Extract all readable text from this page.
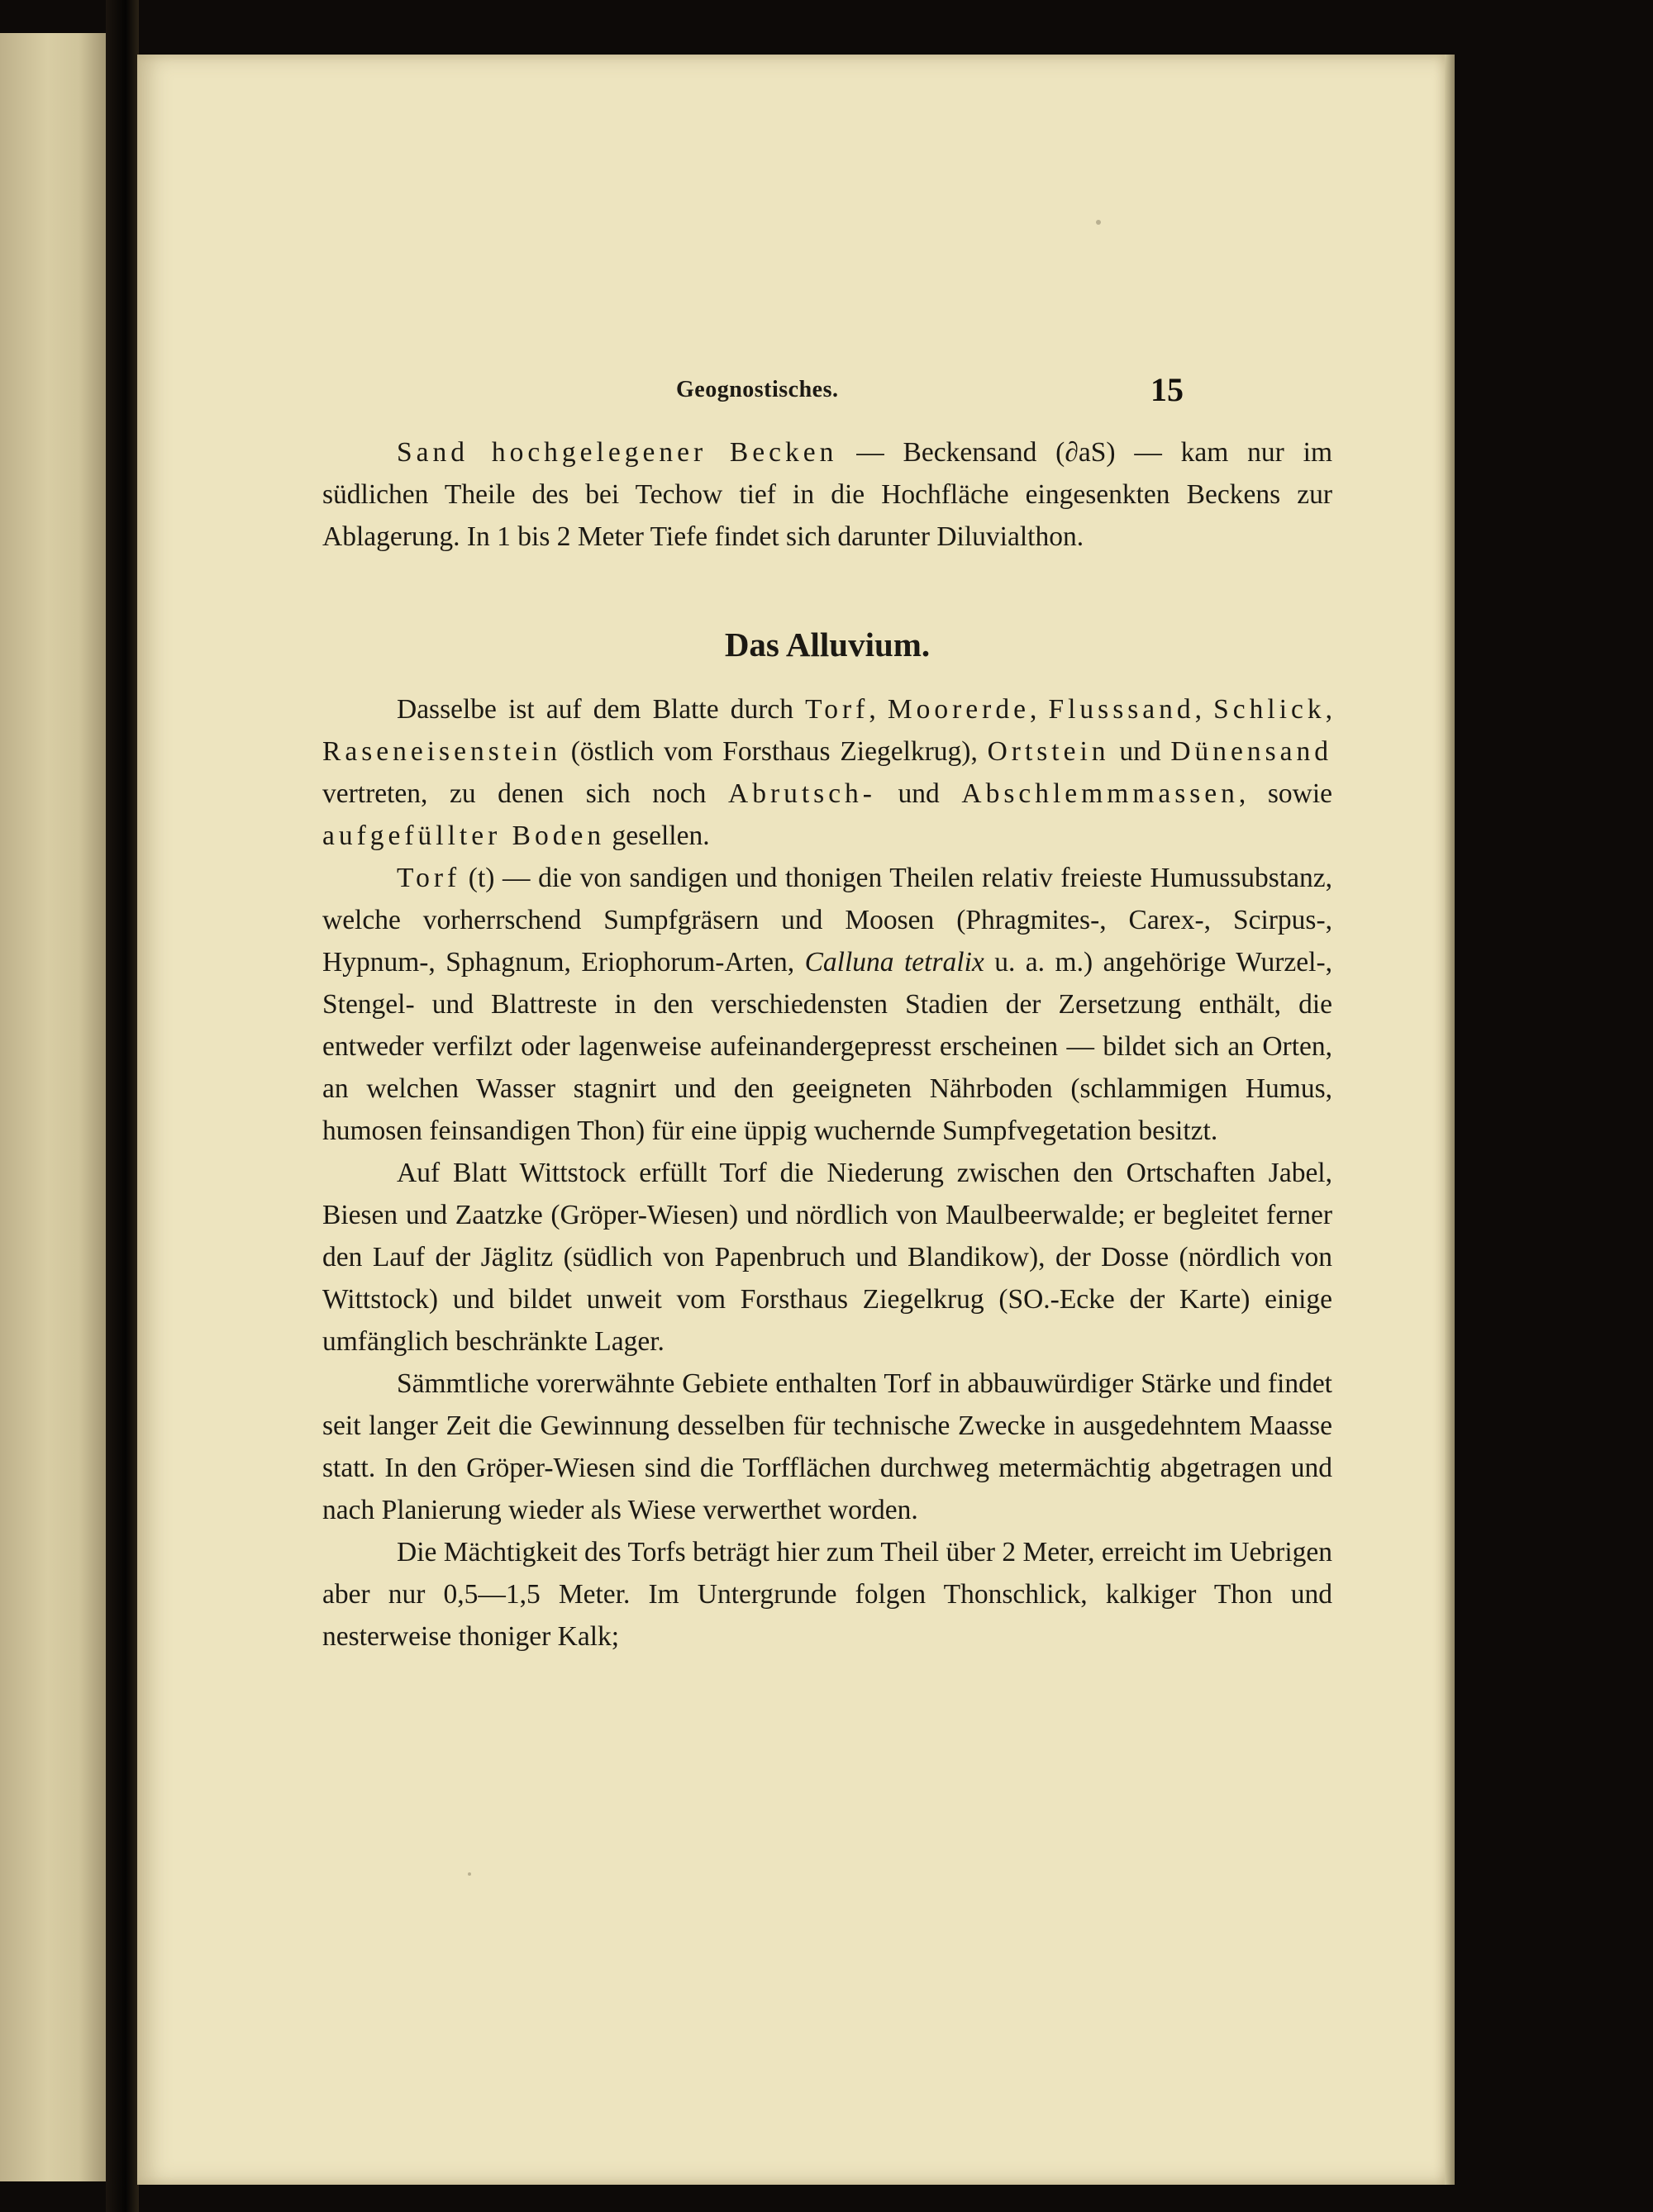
Geognostisches.	15

Sand hochgelegener Becken — Beckensand (∂aS) — kam nur im südlichen Theile des bei Techow tief in die Hochfläche eingesenkten Beckens zur Ablagerung. In 1 bis 2 Meter Tiefe findet sich darunter Diluvialthon.

Das Alluvium.

Dasselbe ist auf dem Blatte durch Torf, Moorerde, Flusssand, Schlick, Raseneisenstein (östlich vom Forsthaus Ziegelkrug), Ortstein und Dünensand vertreten, zu denen sich noch Abrutsch- und Abschlemmmassen, sowie aufgefüllter Boden gesellen.

Torf (t) — die von sandigen und thonigen Theilen relativ freieste Humussubstanz, welche vorherrschend Sumpfgräsern und Moosen (Phragmites-, Carex-, Scirpus-, Hypnum-, Sphagnum, Eriophorum-Arten, Calluna tetralix u. a. m.) angehörige Wurzel-, Stengel- und Blattreste in den verschiedensten Stadien der Zersetzung enthält, die entweder verfilzt oder lagenweise aufeinandergepresst erscheinen — bildet sich an Orten, an welchen Wasser stagnirt und den geeigneten Nährboden (schlammigen Humus, humosen feinsandigen Thon) für eine üppig wuchernde Sumpfvegetation besitzt.

Auf Blatt Wittstock erfüllt Torf die Niederung zwischen den Ortschaften Jabel, Biesen und Zaatzke (Gröper-Wiesen) und nördlich von Maulbeerwalde; er begleitet ferner den Lauf der Jäglitz (südlich von Papenbruch und Blandikow), der Dosse (nördlich von Wittstock) und bildet unweit vom Forsthaus Ziegelkrug (SO.-Ecke der Karte) einige umfänglich beschränkte Lager.

Sämmtliche vorerwähnte Gebiete enthalten Torf in abbauwürdiger Stärke und findet seit langer Zeit die Gewinnung desselben für technische Zwecke in ausgedehntem Maasse statt. In den Gröper-Wiesen sind die Torfflächen durchweg metermächtig abgetragen und nach Planierung wieder als Wiese verwerthet worden.

Die Mächtigkeit des Torfs beträgt hier zum Theil über 2 Meter, erreicht im Uebrigen aber nur 0,5—1,5 Meter. Im Untergrunde folgen Thonschlick, kalkiger Thon und nesterweise thoniger Kalk;
